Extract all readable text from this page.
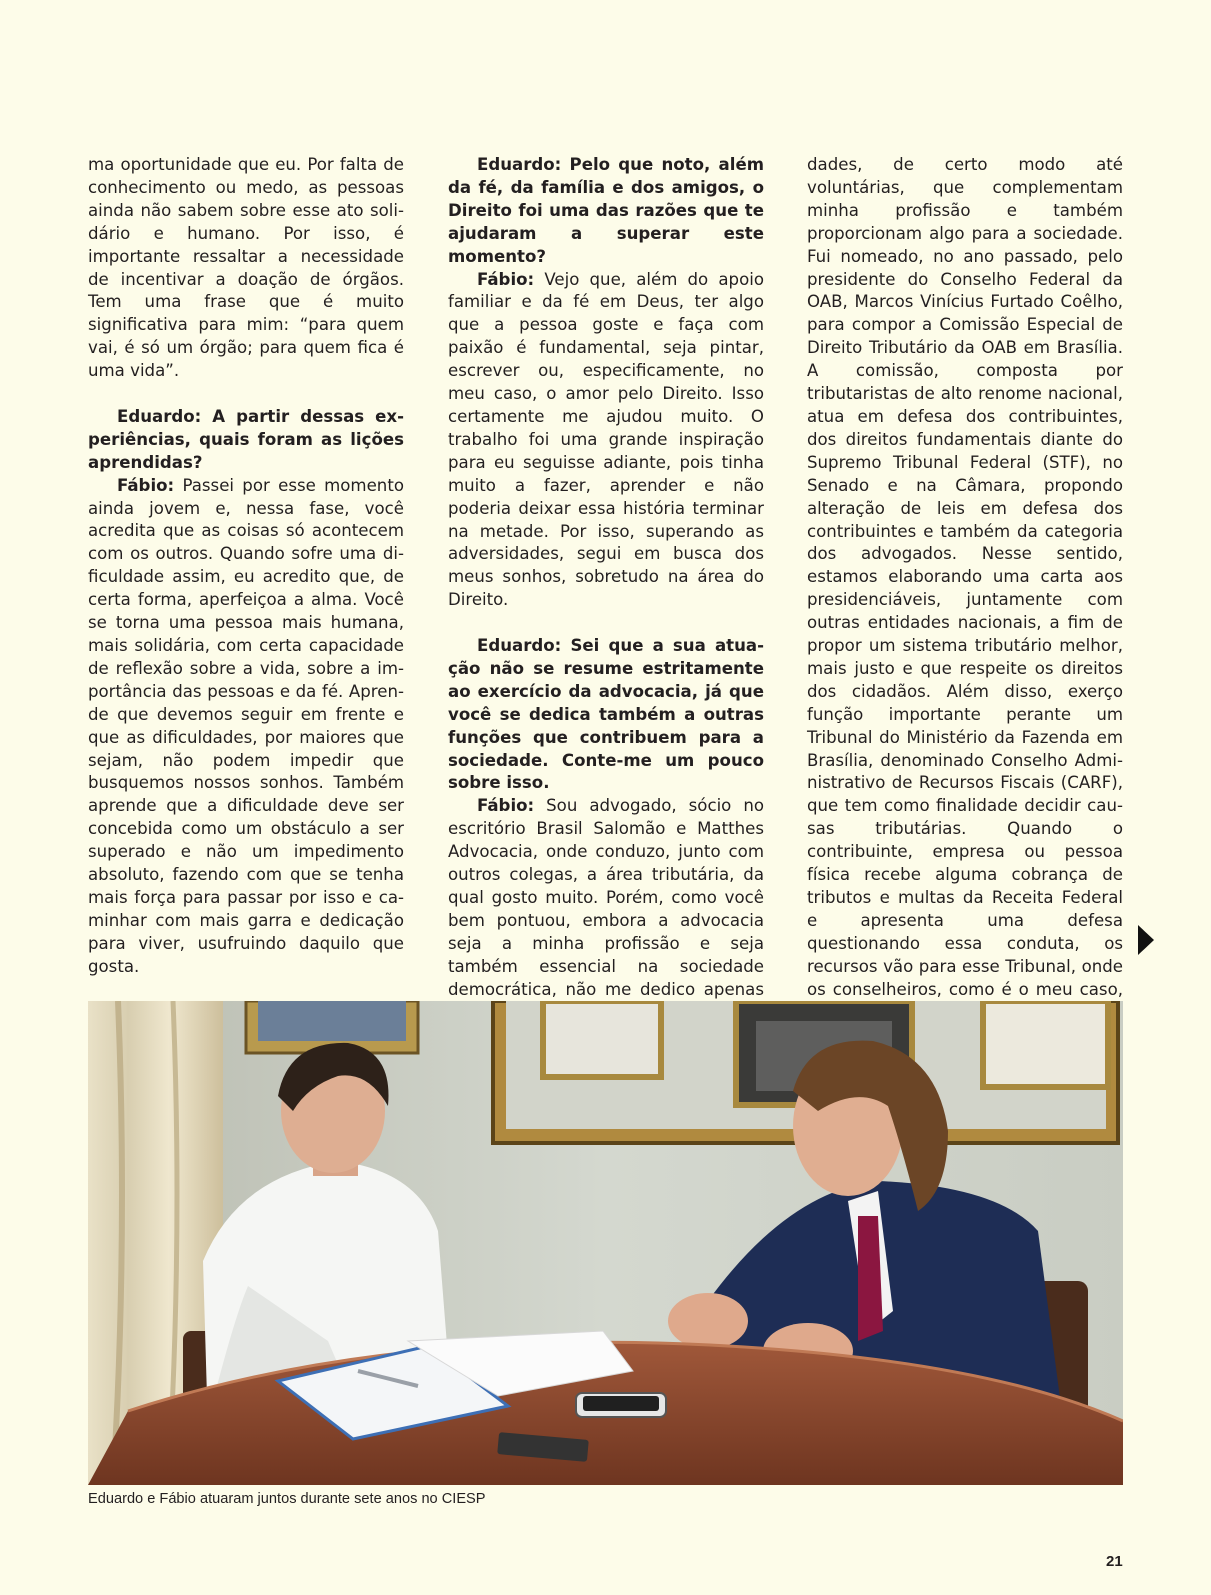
ma oportunidade que eu. Por falta de conhecimento ou medo, as pessoas ainda não sabem sobre esse ato solidário e humano. Por isso, é importante ressaltar a necessidade de incentivar a doação de órgãos. Tem uma frase que é muito significativa para mim: “para quem vai, é só um órgão; para quem fica é uma vida”.

Eduardo: A partir dessas experiências, quais foram as lições aprendidas?

Fábio: Passei por esse momento ainda jovem e, nessa fase, você acredita que as coisas só acontecem com os outros. Quando sofre uma dificuldade assim, eu acredito que, de certa forma, aperfeiçoa a alma. Você se torna uma pessoa mais humana, mais solidária, com certa capacidade de reflexão sobre a vida, sobre a importância das pessoas e da fé. Aprende que devemos seguir em frente e que as dificuldades, por maiores que sejam, não podem impedir que busquemos nossos sonhos. Também aprende que a dificuldade deve ser concebida como um obstáculo a ser superado e não um impedimento absoluto, fazendo com que se tenha mais força para passar por isso e caminhar com mais garra e dedicação para viver, usufruindo daquilo que gosta.

Eduardo: Pelo que noto, além da fé, da família e dos amigos, o Direito foi uma das razões que te ajudaram a superar este momento?

Fábio: Vejo que, além do apoio familiar e da fé em Deus, ter algo que a pessoa goste e faça com paixão é fundamental, seja pintar, escrever ou, especificamente, no meu caso, o amor pelo Direito. Isso certamente me ajudou muito. O trabalho foi uma grande inspiração para eu seguisse adiante, pois tinha muito a fazer, aprender e não poderia deixar essa história terminar na metade. Por isso, superando as adversidades, segui em busca dos meus sonhos, sobretudo na área do Direito.

Eduardo: Sei que a sua atuação não se resume estritamente ao exercício da advocacia, já que você se dedica também a outras funções que contribuem para a sociedade. Conte-me um pouco sobre isso.

Fábio: Sou advogado, sócio no escritório Brasil Salomão e Matthes Advocacia, onde conduzo, junto com outros colegas, a área tributária, da qual gosto muito. Porém, como você bem pontuou, embora a advocacia seja a minha profissão e seja também essencial na sociedade democrática, não me dedico apenas

dades, de certo modo até voluntárias, que complementam minha profissão e também proporcionam algo para a sociedade. Fui nomeado, no ano passado, pelo presidente do Conselho Federal da OAB, Marcos Vinícius Furtado Coêlho, para compor a Comissão Especial de Direito Tributário da OAB em Brasília. A comissão, composta por tributaristas de alto renome nacional, atua em defesa dos contribuintes, dos direitos fundamentais diante do Supremo Tribunal Federal (STF), no Senado e na Câmara, propondo alteração de leis em defesa dos contribuintes e também da categoria dos advogados. Nesse sentido, estamos elaborando uma carta aos presidenciáveis, juntamente com outras entidades nacionais, a fim de propor um sistema tributário melhor, mais justo e que respeite os direitos dos cidadãos. Além disso, exerço função importante perante um Tribunal do Ministério da Fazenda em Brasília, denominado Conselho Administrativo de Recursos Fiscais (CARF), que tem como finalidade decidir causas tributárias. Quando o contribuinte, empresa ou pessoa física recebe alguma cobrança de tributos e multas da Receita Federal e apresenta uma defesa questionando essa conduta, os recursos vão para esse Tribunal, onde os conselheiros, como é o meu caso,

Eduardo e Fábio atuaram juntos durante sete anos no CIESP
21
